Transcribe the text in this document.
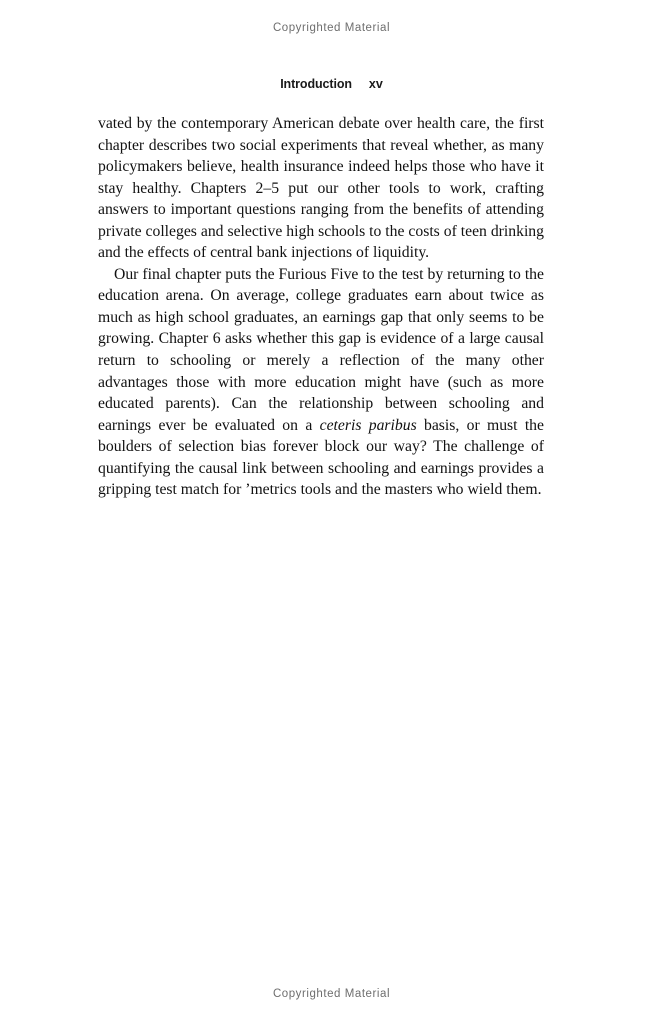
Copyrighted Material
Introduction xv

vated by the contemporary American debate over health care, the first chapter describes two social experiments that reveal whether, as many policymakers believe, health insurance indeed helps those who have it stay healthy. Chapters 2–5 put our other tools to work, crafting answers to important questions ranging from the benefits of attending private colleges and selective high schools to the costs of teen drinking and the effects of central bank injections of liquidity.

Our final chapter puts the Furious Five to the test by returning to the education arena. On average, college graduates earn about twice as much as high school graduates, an earnings gap that only seems to be growing. Chapter 6 asks whether this gap is evidence of a large causal return to schooling or merely a reflection of the many other advantages those with more education might have (such as more educated parents). Can the relationship between schooling and earnings ever be evaluated on a ceteris paribus basis, or must the boulders of selection bias forever block our way? The challenge of quantifying the causal link between schooling and earnings provides a gripping test match for ’metrics tools and the masters who wield them.

Copyrighted Material
